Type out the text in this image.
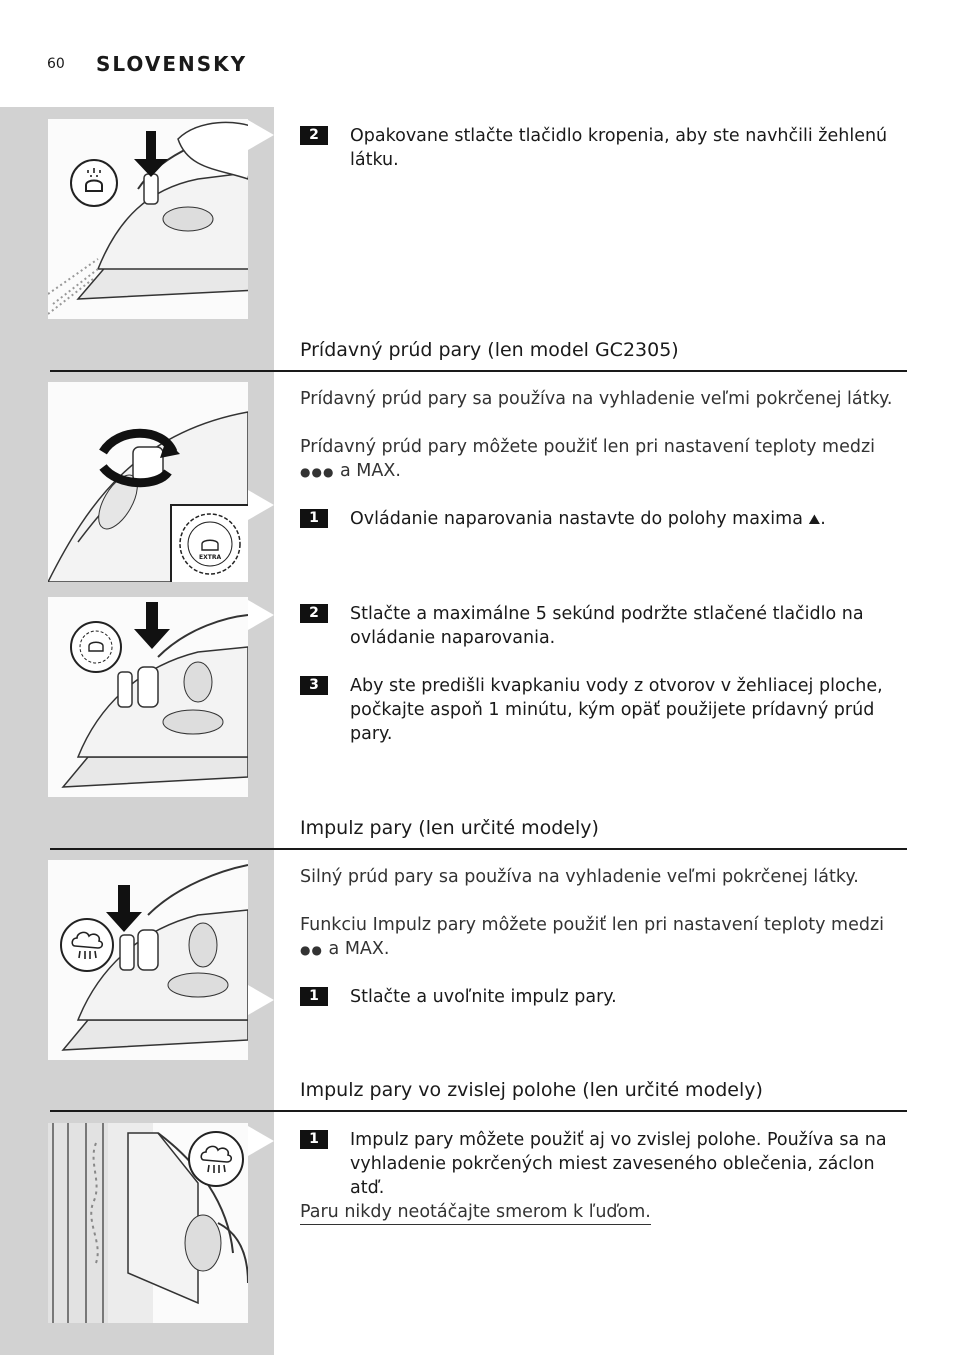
60 SLOVENSKY
EXTRA
2	Opakovane stlačte tlačidlo kropenia, aby ste navhčili žehlenú látku.
Prídavný prúd pary (len model GC2305)
Prídavný prúd pary sa používa na vyhladenie veľmi pokrčenej látky.
Prídavný prúd pary môžete použiť len pri nastavení teploty medzi ●●● a MAX.
1	Ovládanie naparovania nastavte do polohy maxima ⛰.
2	Stlačte a maximálne 5 sekúnd podržte stlačené tlačidlo na ovládanie naparovania.
3	Aby ste predišli kvapkaniu vody z otvorov v žehliacej ploche, počkajte aspoň 1 minútu, kým opäť použijete prídavný prúd pary.
Impulz pary (len určité modely)
Silný prúd pary sa používa na vyhladenie veľmi pokrčenej látky.
Funkciu Impulz pary môžete použiť len pri nastavení teploty medzi ●● a MAX.
1	Stlačte a uvoľnite impulz pary.
Impulz pary vo zvislej polohe (len určité modely)
1	Impulz pary môžete použiť aj vo zvislej polohe. Používa sa na vyhladenie pokrčených miest zaveseného oblečenia, záclon atď.
Paru nikdy neotáčajte smerom k ľuďom.
